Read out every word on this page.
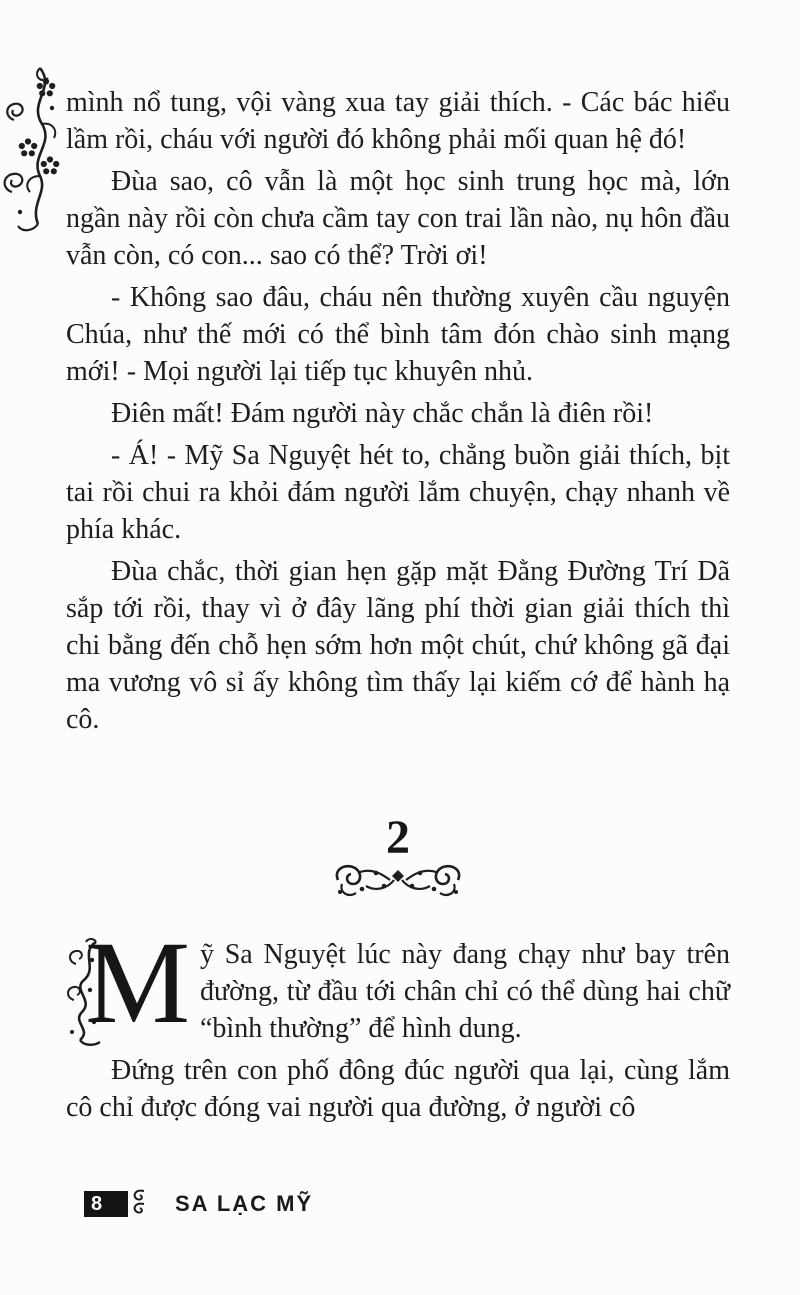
mình nổ tung, vội vàng xua tay giải thích. - Các bác hiểu lầm rồi, cháu với người đó không phải mối quan hệ đó!

Đùa sao, cô vẫn là một học sinh trung học mà, lớn ngần này rồi còn chưa cầm tay con trai lần nào, nụ hôn đầu vẫn còn, có con... sao có thể? Trời ơi!

- Không sao đâu, cháu nên thường xuyên cầu nguyện Chúa, như thế mới có thể bình tâm đón chào sinh mạng mới! - Mọi người lại tiếp tục khuyên nhủ.

Điên mất! Đám người này chắc chắn là điên rồi!

- Á! - Mỹ Sa Nguyệt hét to, chẳng buồn giải thích, bịt tai rồi chui ra khỏi đám người lắm chuyện, chạy nhanh về phía khác.

Đùa chắc, thời gian hẹn gặp mặt Đằng Đường Trí Dã sắp tới rồi, thay vì ở đây lãng phí thời gian giải thích thì chi bằng đến chỗ hẹn sớm hơn một chút, chứ không gã đại ma vương vô sỉ ấy không tìm thấy lại kiếm cớ để hành hạ cô.

2

M ỹ Sa Nguyệt lúc này đang chạy như bay trên đường, từ đầu tới chân chỉ có thể dùng hai chữ “bình thường” để hình dung.

Đứng trên con phố đông đúc người qua lại, cùng lắm cô chỉ được đóng vai người qua đường, ở người cô

8	SA LẠC MỸ
